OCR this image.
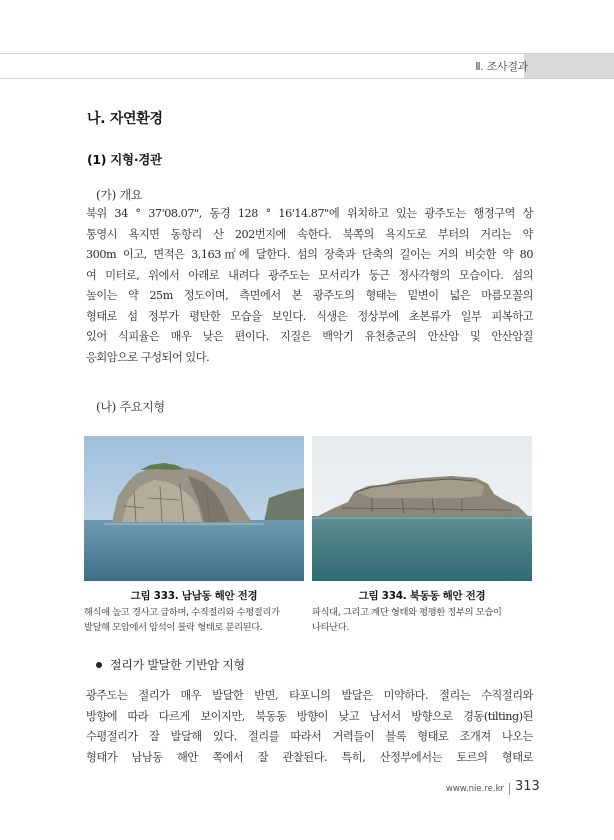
Ⅱ. 조사결과
나. 자연환경
(1) 지형·경관
(가) 개요
북위 34 ° 37'08.07", 동경 128 ° 16'14.87"에 위치하고 있는 광주도는 행정구역 상
통영시 욕지면 동항리 산 202번지에 속한다. 북쪽의 욕지도로 부터의 거리는 약
300m 이고, 면적은 3,163㎡에 달한다. 섬의 장축과 단축의 길이는 거의 비슷한 약 80
여 미터로, 위에서 아래로 내려다 광주도는 모서리가 둥근 정사각형의 모습이다. 섬의
높이는 약 25m 정도이며, 측면에서 본 광주도의 형태는 밑변이 넓은 마름모꼴의
형태로 섬 정부가 평탄한 모습을 보인다. 식생은 정상부에 초본류가 일부 피복하고
있어 식피율은 매우 낮은 편이다. 지질은 백악기 유천층군의 안산암 및 안산암질
응회암으로 구성되어 있다.
(나) 주요지형
그림 333. 남남동 해안 전경	그림 334. 북동동 해안 전경
해식애 높고 경사고 급하며, 수직절리와 수평절리가
발달해 모암에서 암석이 블락 형태로 분리된다.
파식대, 그리고 계단 형태와 평평한 정부의 모습이
나타난다.
절리가 발달한 기반암 지형
광주도는 절리가 매우 발달한 반면, 타포니의 발달은 미약하다. 절리는 수직절리와
방향에 따라 다르게 보이지만, 북동동 방향이 낮고 남서서 방향으로 경동(tilting)된
수평절리가 잘 발달해 있다. 절리를 따라서 거력들이 블록 형태로 조개져 나오는
형태가 남남동 해안 쪽에서 잘 관찰된다. 특히, 산정부에서는 토르의 형태로
www.nie.re.kr 313
